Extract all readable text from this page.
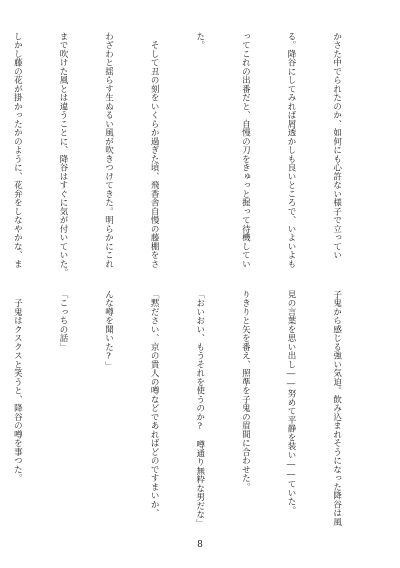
かさた中でられたのか、如何にも心許ない様子で立ってい

る。降谷にしてみれば屑透かしも良いところで、いよいよも

ってこれの出番だと、自慢の刀をきゅっと握って待機してい

た。

　そして丑の刻をいくらか過ぎた頃、飛香舎自慢の藤棚をさ

わざわと揺らす生ぬるい風が吹きつけてきた。明らかにこれ

まで吹けた風とは違うことに、降谷はすぐに気が付いていた。

しかし藤の花が掛かったかのように、花弁をしなやかな、ま

子鬼から感じる強い気迫。飲み込まれそうになった降谷は風

見の言葉を思い出し――努めて平静を装い――ていた。

りきりと矢を番え、照準を子鬼の眉間に合わせた。

「おいおい、もうそれを使うのか?　噂通り無粋な男だな」

「黙ださい、京の貴人の噂などであればどのですまいか、

んな噂を聞いた?」

「こっちの話」

　子鬼はクスクスと笑うと、降谷の噂を事つた。

8
